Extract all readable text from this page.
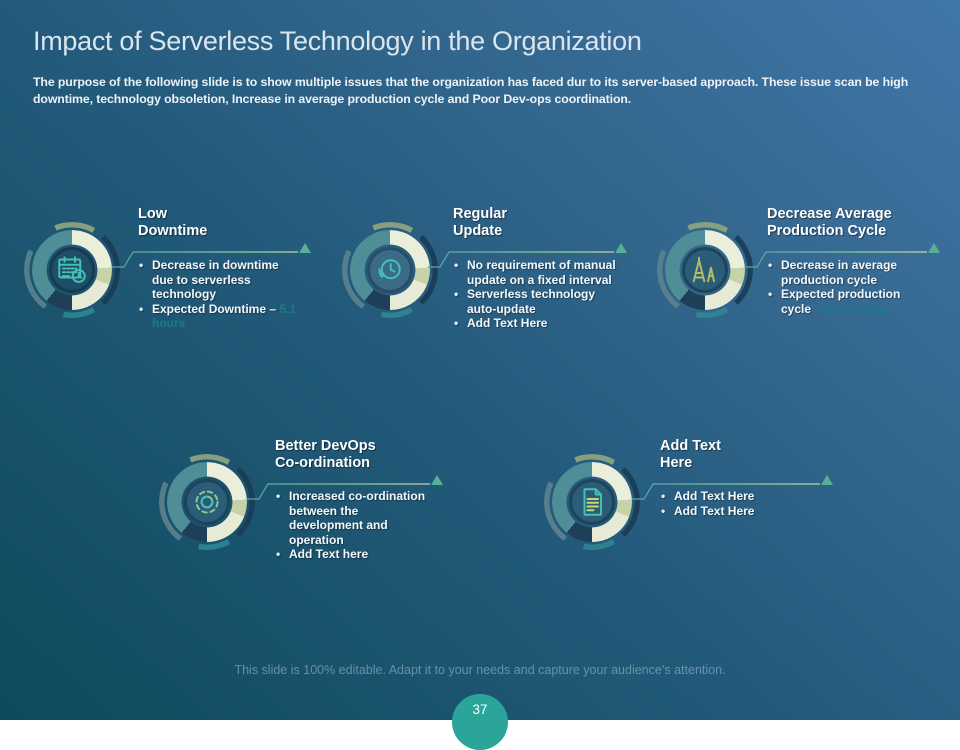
Impact of Serverless Technology in the Organization

The purpose of the following slide is to show multiple issues that the organization has faced dur to its server-based approach. These issue scan be high downtime, technology obsoletion, Increase in average production cycle and Poor Dev-ops coordination.

Low
Downtime
• Decrease in downtime due to serverless technology
• Expected Downtime – 5.1 hours
Regular
Update
• No requirement of manual update on a fixed interval
• Serverless technology auto-update
• Add Text Here
Decrease Average
Production Cycle
• Decrease in average production cycle
• Expected production cycle – 4-5 months
Better DevOps
Co-ordination
• Increased co-ordination between the development and operation
• Add Text here
Add Text
Here
• Add Text Here
• Add Text Here

This slide is 100% editable. Adapt it to your needs and capture your audience’s attention.

37
